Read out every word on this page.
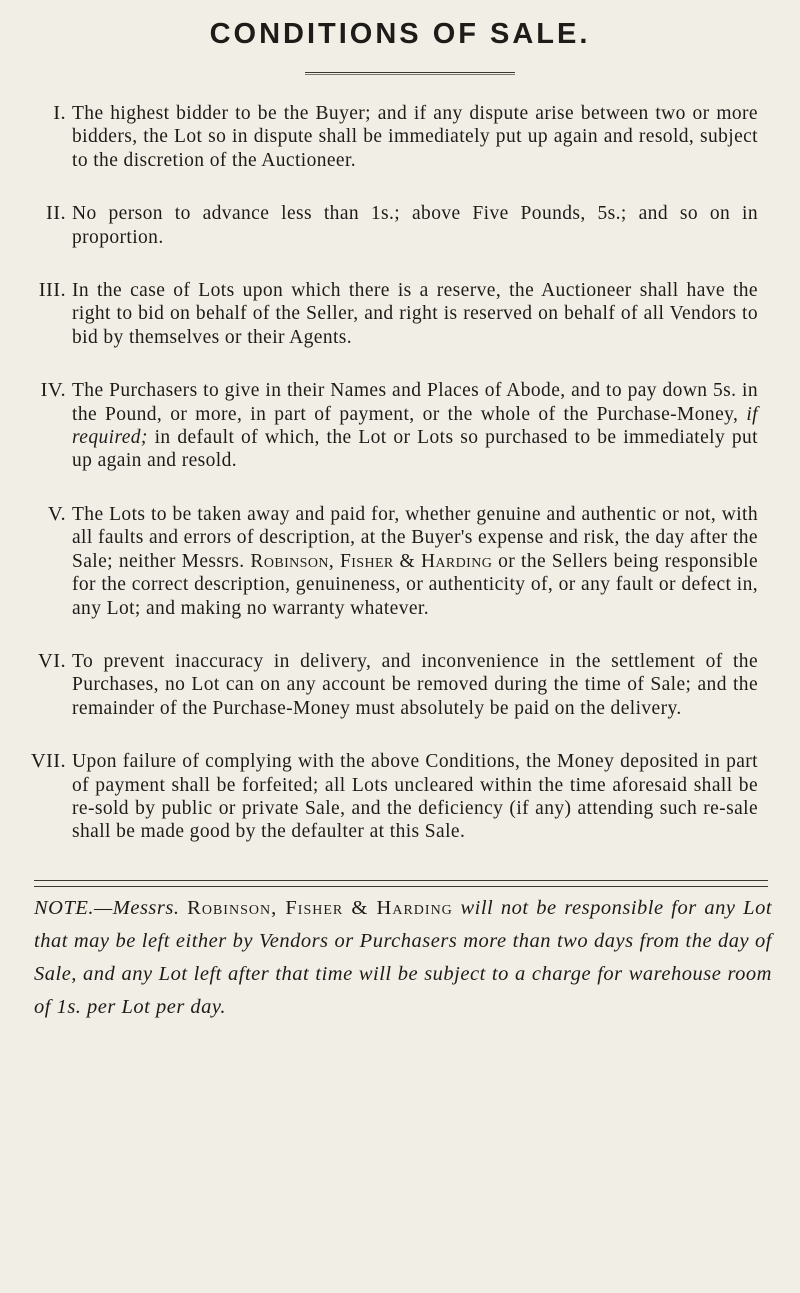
CONDITIONS OF SALE.
I. The highest bidder to be the Buyer; and if any dispute arise between two or more bidders, the Lot so in dispute shall be immediately put up again and resold, subject to the discretion of the Auctioneer.
II. No person to advance less than 1s.; above Five Pounds, 5s.; and so on in proportion.
III. In the case of Lots upon which there is a reserve, the Auctioneer shall have the right to bid on behalf of the Seller, and right is reserved on behalf of all Vendors to bid by themselves or their Agents.
IV. The Purchasers to give in their Names and Places of Abode, and to pay down 5s. in the Pound, or more, in part of payment, or the whole of the Purchase-Money, if required; in default of which, the Lot or Lots so purchased to be immediately put up again and resold.
V. The Lots to be taken away and paid for, whether genuine and authentic or not, with all faults and errors of description, at the Buyer's expense and risk, the day after the Sale; neither Messrs. Robinson, Fisher & Harding or the Sellers being responsible for the correct description, genuineness, or authenticity of, or any fault or defect in, any Lot; and making no warranty whatever.
VI. To prevent inaccuracy in delivery, and inconvenience in the settlement of the Purchases, no Lot can on any account be removed during the time of Sale; and the remainder of the Purchase-Money must absolutely be paid on the delivery.
VII. Upon failure of complying with the above Conditions, the Money deposited in part of payment shall be forfeited; all Lots uncleared within the time aforesaid shall be re-sold by public or private Sale, and the deficiency (if any) attending such re-sale shall be made good by the defaulter at this Sale.
NOTE.—Messrs. Robinson, Fisher & Harding will not be responsible for any Lot that may be left either by Vendors or Purchasers more than two days from the day of Sale, and any Lot left after that time will be subject to a charge for warehouse room of 1s. per Lot per day.
